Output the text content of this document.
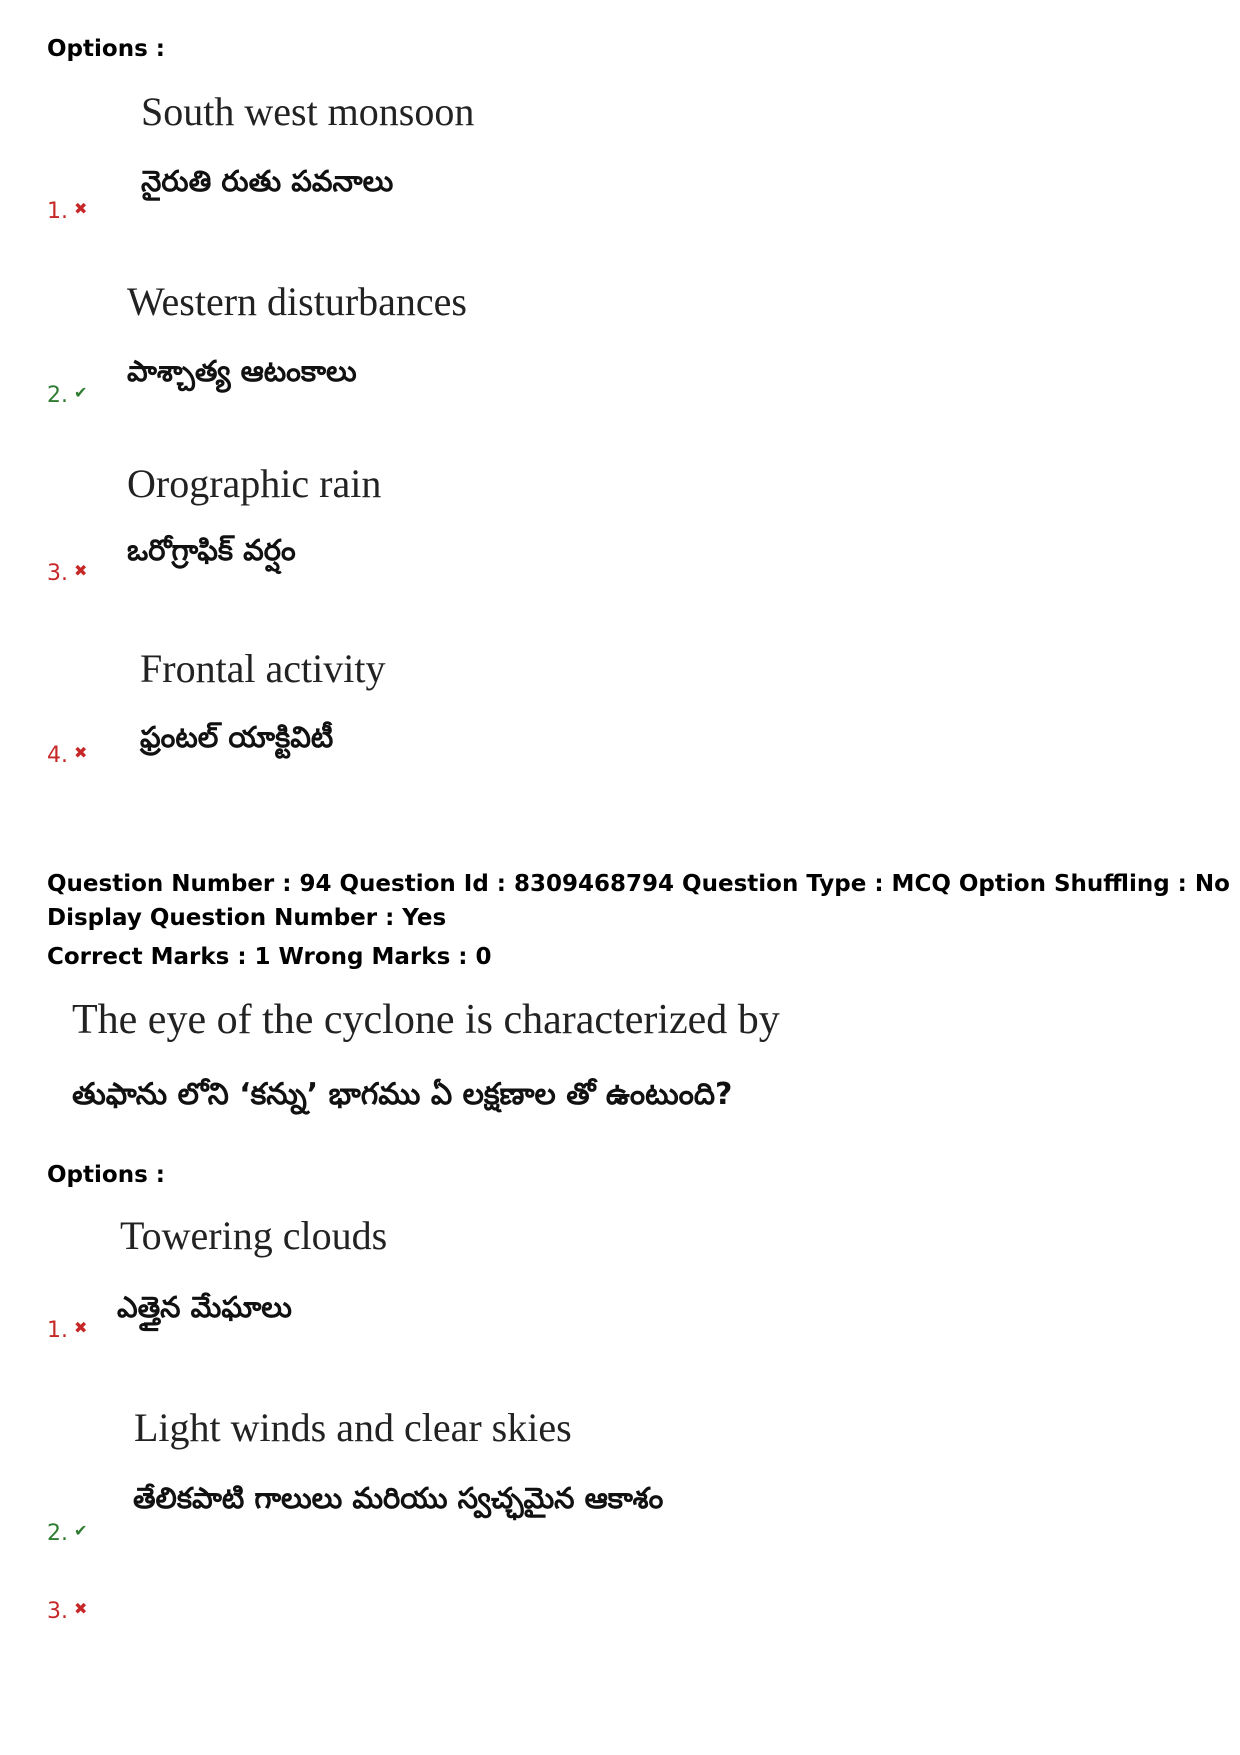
Options :
South west monsoon
నైరుతి రుతు పవనాలు
1. ✖
Western disturbances
పాశ్చాత్య ఆటంకాలు
2. ✔
Orographic rain
ఒరోగ్రాఫిక్ వర్షం
3. ✖
Frontal activity
ఫ్రంటల్ యాక్టివిటీ
4. ✖
Question Number : 94 Question Id : 8309468794 Question Type : MCQ Option Shuffling : No
Display Question Number : Yes
Correct Marks : 1 Wrong Marks : 0
The eye of the cyclone is characterized by
తుఫాను లోని ‘కన్ను’ భాగము ఏ లక్షణాల తో ఉంటుంది?
Options :
Towering clouds
ఎత్తైన మేఘాలు
1. ✖
Light winds and clear skies
తేలికపాటి గాలులు మరియు స్వచ్ఛమైన ఆకాశం
2. ✔
3. ✖
